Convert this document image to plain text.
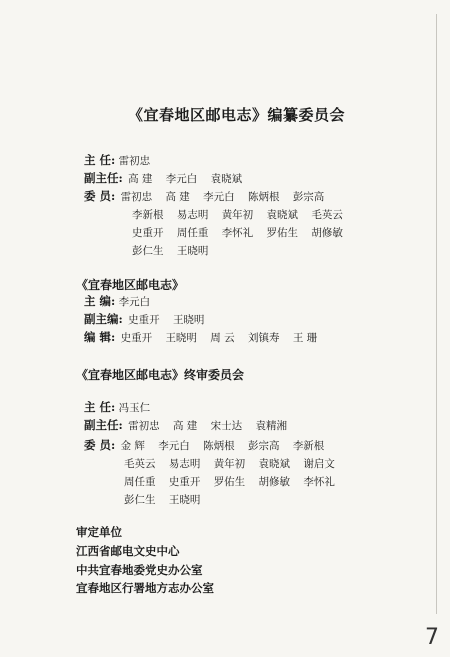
《宜春地区邮电志》编纂委员会
主 任: 雷初忠
副主任: 高 建 李元白 袁晓斌
委 员: 雷初忠 高 建 李元白 陈炳根 彭宗高
李新根 易志明 黄年初 袁晓斌 毛英云
史重开 周任重 李怀礼 罗佑生 胡修敏
彭仁生 王晓明
《宜春地区邮电志》
主 编: 李元白
副主编: 史重开 王晓明
编 辑: 史重开 王晓明 周 云 刘镇寿 王 珊
《宜春地区邮电志》终审委员会
主 任: 冯玉仁
副主任: 雷初忠 高 建 宋士达 袁精湘
委 员: 金 辉 李元白 陈炳根 彭宗高 李新根
毛英云 易志明 黄年初 袁晓斌 谢启文
周任重 史重开 罗佑生 胡修敏 李怀礼
彭仁生 王晓明
审定单位
江西省邮电文史中心
中共宜春地委党史办公室
宜春地区行署地方志办公室
7
